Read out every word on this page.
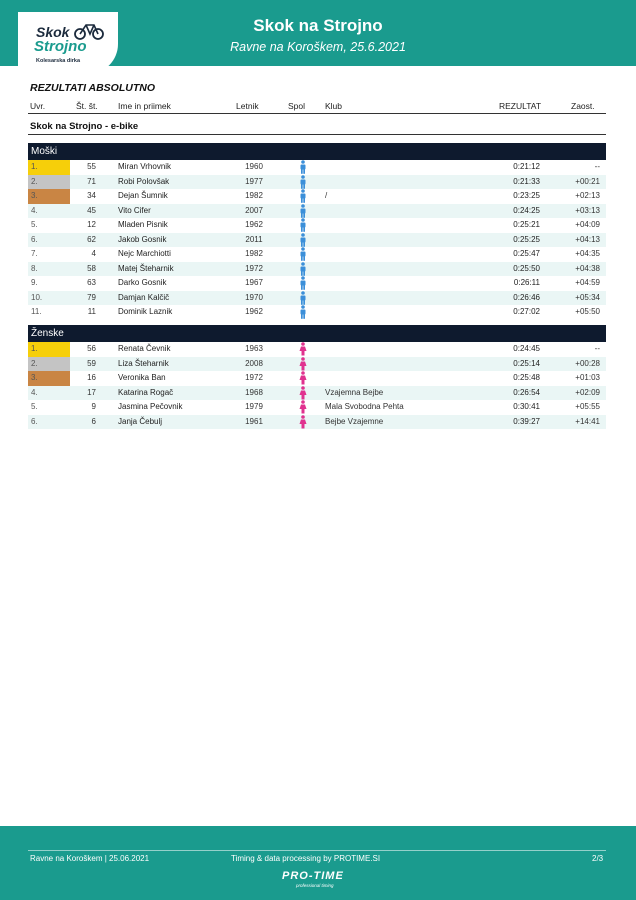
Skok
Strojno
Kolesarska dirka
Skok na Strojno
Ravne na Koroškem, 25.6.2021
REZULTATI ABSOLUTNO
Uvr.	Št. št. Ime in priimek	Letnik	Spol Klub	REZULTAT	Zaost.
Skok na Strojno - e-bike
Moški
1.	55	Miran Vrhovnik	1960	0:21:12	--
2.	71	Robi Polovšak	1977	0:21:33	+00:21
3.	34	Dejan Šumnik	1982	/	0:23:25	+02:13
4.	45	Vito Cifer	2007	0:24:25	+03:13
5.	12	Mladen Pisnik	1962	0:25:21	+04:09
6.	62	Jakob Gosnik	2011	0:25:25	+04:13
7.	4	Nejc Marchiotti	1982	0:25:47	+04:35
8.	58	Matej Šteharnik	1972	0:25:50	+04:38
9.	63	Darko Gosnik	1967	0:26:11	+04:59
10.	79	Damjan Kalčič	1970	0:26:46	+05:34
11.	11	Dominik Laznik	1962	0:27:02	+05:50
Ženske
1.	56	Renata Čevnik	1963	0:24:45	--
2.	59	Liza Šteharnik	2008	0:25:14	+00:28
3.	16	Veronika Ban	1972	0:25:48	+01:03
4.	17	Katarina Rogač	1968	Vzajemna Bejbe	0:26:54	+02:09
5.	9	Jasmina Pečovnik	1979	Mala Svobodna Pehta	0:30:41	+05:55
6.	6	Janja Čebulj	1961	Bejbe Vzajemne	0:39:27	+14:41
Ravne na Koroškem | 25.06.2021	Timing & data processing by PROTIME.SI	2/3
PRO-TIME
professional timing
